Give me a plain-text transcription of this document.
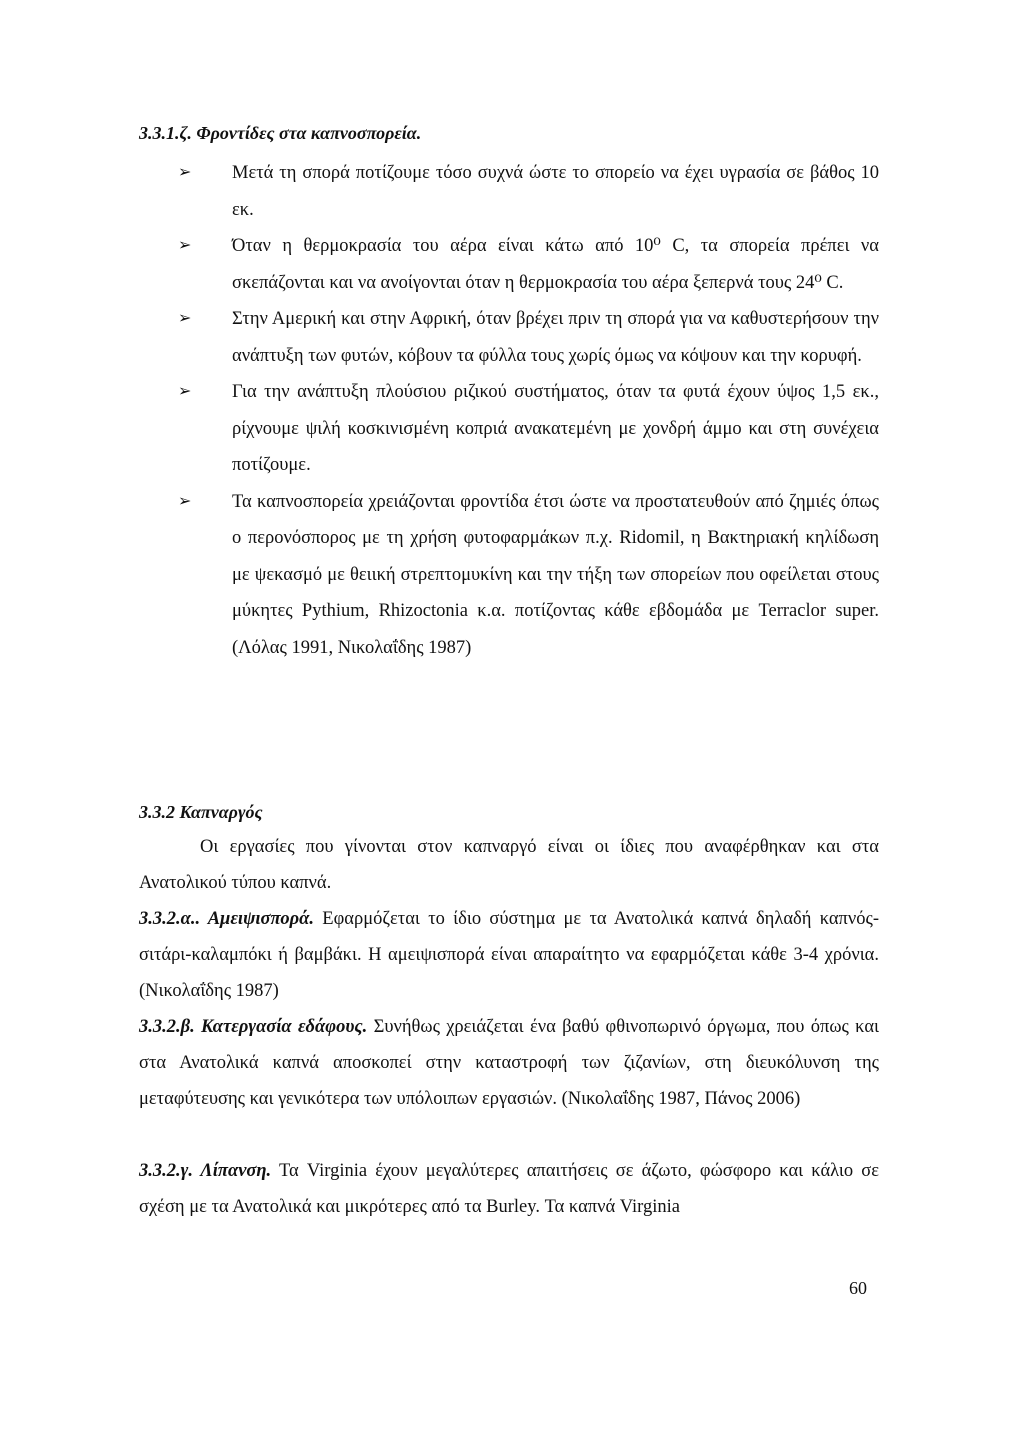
3.3.1.ζ. Φροντίδες στα καπνοσπορεία.
➢ Μετά τη σπορά ποτίζουμε τόσο συχνά ώστε το σπορείο να έχει υγρασία σε βάθος 10 εκ.

➢ Όταν η θερμοκρασία του αέρα είναι κάτω από 10⁰ C, τα σπορεία πρέπει να σκεπάζονται και να ανοίγονται όταν η θερμοκρασία του αέρα ξεπερνά τους 24⁰ C.

➢ Στην Αμερική και στην Αφρική, όταν βρέχει πριν τη σπορά για να καθυστερήσουν την ανάπτυξη των φυτών, κόβουν τα φύλλα τους χωρίς όμως να κόψουν και την κορυφή.

➢ Για την ανάπτυξη πλούσιου ριζικού συστήματος, όταν τα φυτά έχουν ύψος 1,5 εκ., ρίχνουμε ψιλή κοσκινισμένη κοπριά ανακατεμένη με χονδρή άμμο και στη συνέχεια ποτίζουμε.

➢ Τα καπνοσπορεία χρειάζονται φροντίδα έτσι ώστε να προστατευθούν από ζημιές όπως ο περονόσπορος με τη χρήση φυτοφαρμάκων π.χ. Ridomil, η Βακτηριακή κηλίδωση με ψεκασμό με θειική στρεπτομυκίνη και την τήξη των σπορείων που οφείλεται στους μύκητες Pythium, Rhizoctonia κ.α. ποτίζοντας κάθε εβδομάδα με Terraclor super. (Λόλας 1991, Νικολαΐδης 1987)

3.3.2 Καπναργός

Οι εργασίες που γίνονται στον καπναργό είναι οι ίδιες που αναφέρθηκαν και στα Ανατολικού τύπου καπνά.

3.3.2.α.. Αμειψισπορά. Εφαρμόζεται το ίδιο σύστημα με τα Ανατολικά καπνά δηλαδή καπνός-σιτάρι-καλαμπόκι ή βαμβάκι. Η αμειψισπορά είναι απαραίτητο να εφαρμόζεται κάθε 3-4 χρόνια. (Νικολαΐδης 1987)

3.3.2.β. Κατεργασία εδάφους. Συνήθως χρειάζεται ένα βαθύ φθινοπωρινό όργωμα, που όπως και στα Ανατολικά καπνά αποσκοπεί στην καταστροφή των ζιζανίων, στη διευκόλυνση της μεταφύτευσης και γενικότερα των υπόλοιπων εργασιών. (Νικολαΐδης 1987, Πάνος 2006)

3.3.2.γ. Λίπανση. Τα Virginia έχουν μεγαλύτερες απαιτήσεις σε άζωτο, φώσφορο και κάλιο σε σχέση με τα Ανατολικά και μικρότερες από τα Burley. Τα καπνά Virginia

60
